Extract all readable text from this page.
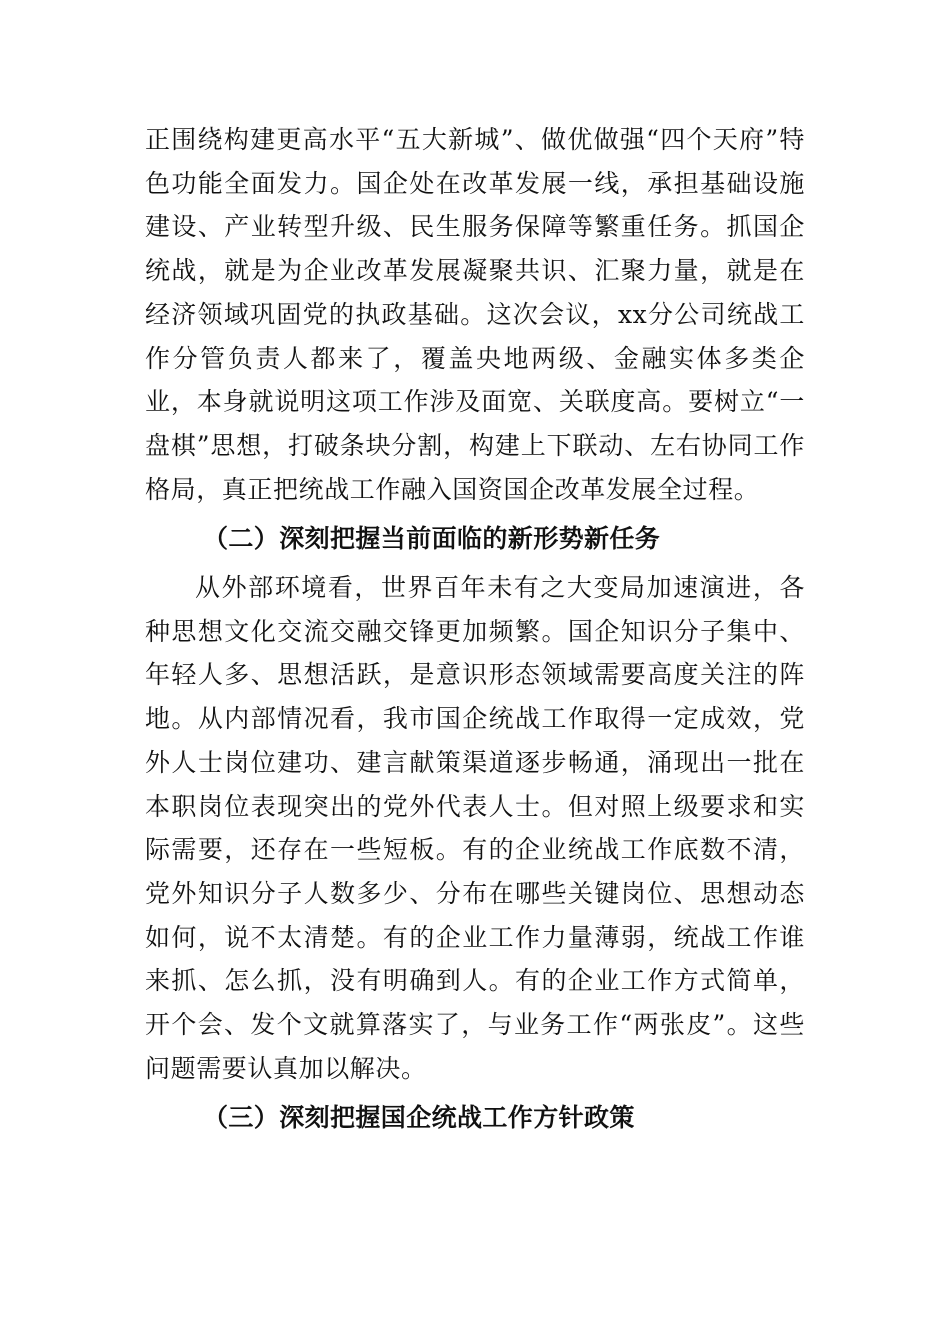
正围绕构建更高水平“五大新城”、做优做强“四个天府”特色功能全面发力。国企处在改革发展一线，承担基础设施建设、产业转型升级、民生服务保障等繁重任务。抓国企统战，就是为企业改革发展凝聚共识、汇聚力量，就是在经济领域巩固党的执政基础。这次会议，xx分公司统战工作分管负责人都来了，覆盖央地两级、金融实体多类企业，本身就说明这项工作涉及面宽、关联度高。要树立“一盘棋”思想，打破条块分割，构建上下联动、左右协同工作格局，真正把统战工作融入国资国企改革发展全过程。

（二）深刻把握当前面临的新形势新任务

从外部环境看，世界百年未有之大变局加速演进，各种思想文化交流交融交锋更加频繁。国企知识分子集中、年轻人多、思想活跃，是意识形态领域需要高度关注的阵地。从内部情况看，我市国企统战工作取得一定成效，党外人士岗位建功、建言献策渠道逐步畅通，涌现出一批在本职岗位表现突出的党外代表人士。但对照上级要求和实际需要，还存在一些短板。有的企业统战工作底数不清，党外知识分子人数多少、分布在哪些关键岗位、思想动态如何，说不太清楚。有的企业工作力量薄弱，统战工作谁来抓、怎么抓，没有明确到人。有的企业工作方式简单，开个会、发个文就算落实了，与业务工作“两张皮”。这些问题需要认真加以解决。

（三）深刻把握国企统战工作方针政策
